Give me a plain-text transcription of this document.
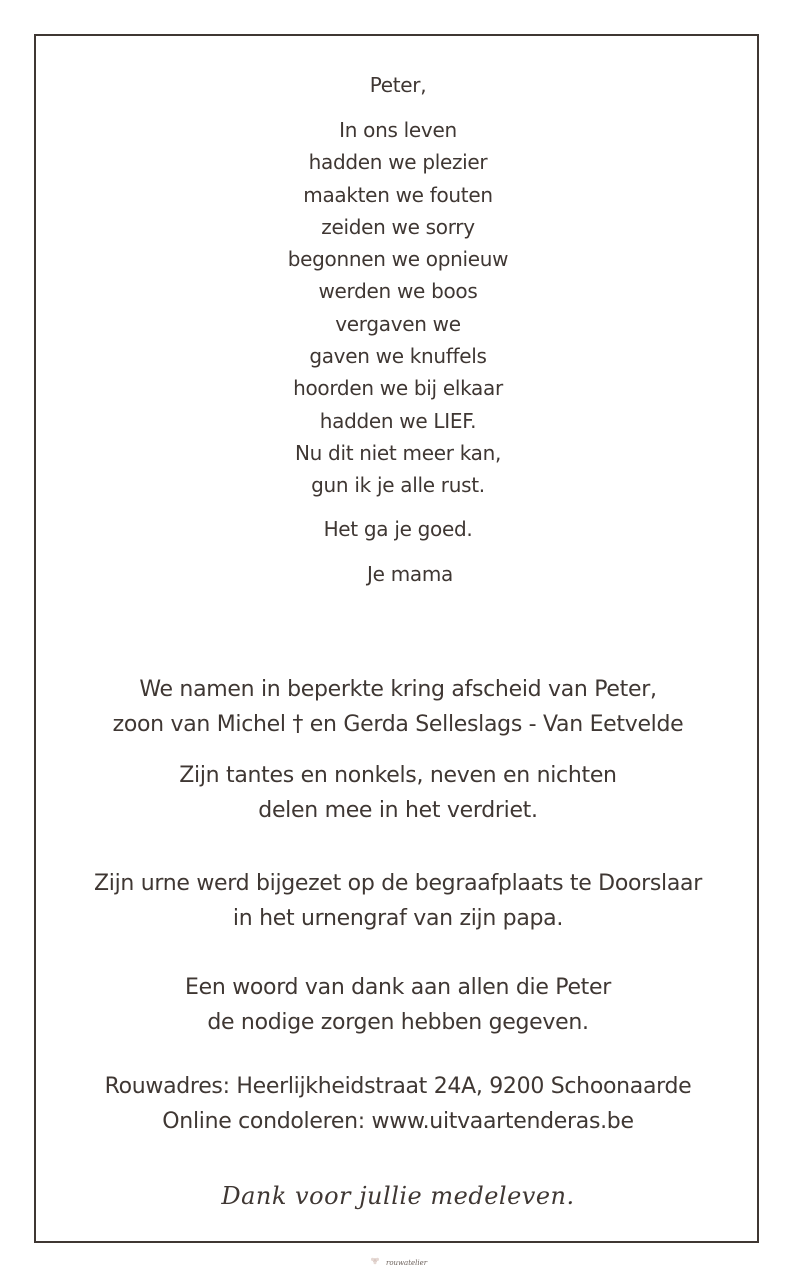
Peter,
In ons leven
hadden we plezier
maakten we fouten
zeiden we sorry
begonnen we opnieuw
werden we boos
vergaven we
gaven we knuffels
hoorden we bij elkaar
hadden we LIEF.
Nu dit niet meer kan,
gun ik je alle rust.
Het ga je goed.
Je mama
We namen in beperkte kring afscheid van Peter,
zoon van Michel † en Gerda Selleslags - Van Eetvelde
Zijn tantes en nonkels, neven en nichten
delen mee in het verdriet.
Zijn urne werd bijgezet op de begraafplaats te Doorslaar
in het urnengraf van zijn papa.
Een woord van dank aan allen die Peter
de nodige zorgen hebben gegeven.
Rouwadres: Heerlijkheidstraat 24A, 9200 Schoonaarde
Online condoleren: www.uitvaartenderas.be
Dank voor jullie medeleven.
rouwatelier
